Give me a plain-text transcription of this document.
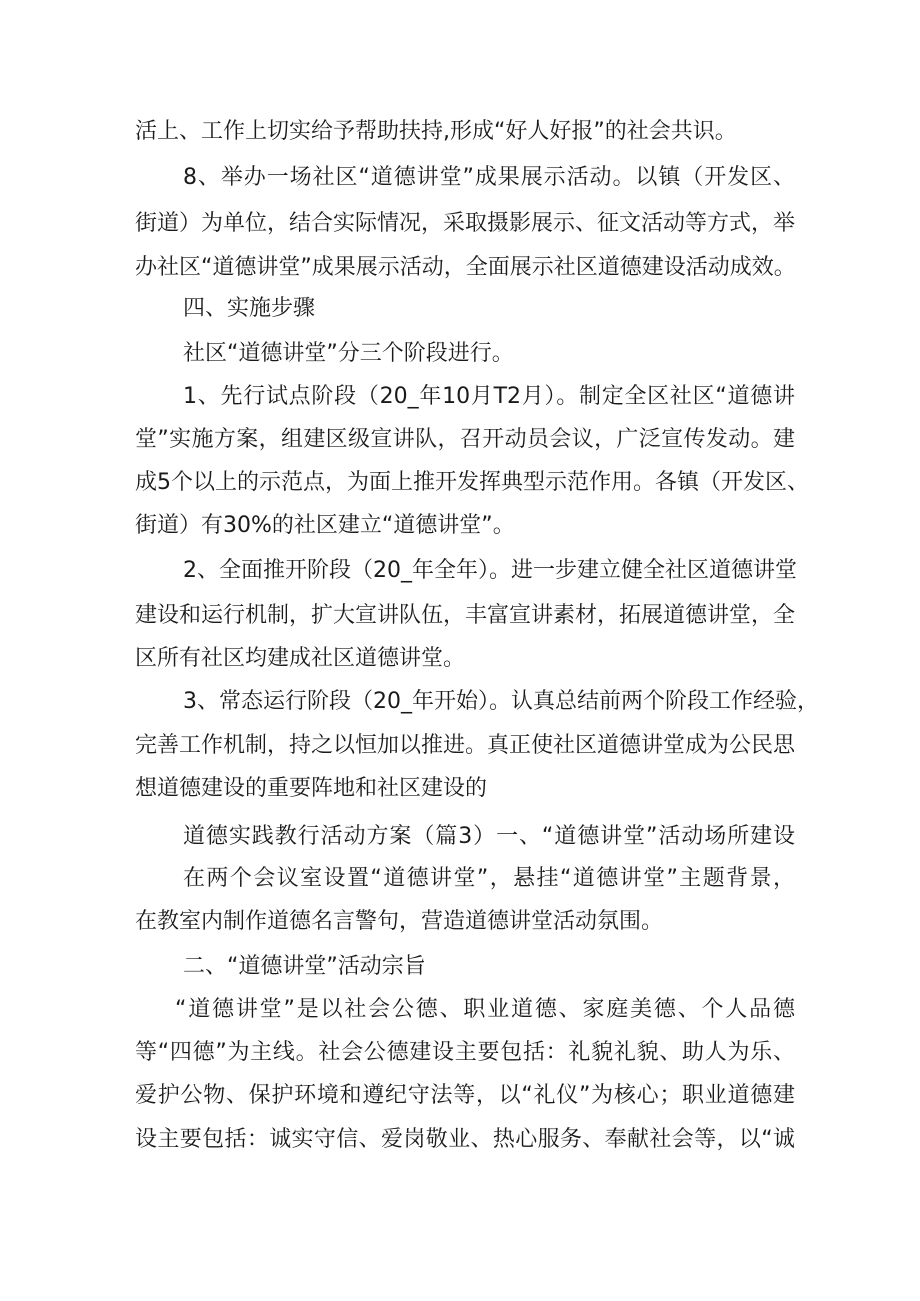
活上、工作上切实给予帮助扶持,形成“好人好报”的社会共识。
8、举办一场社区“道德讲堂”成果展示活动。以镇（开发区、
街道）为单位，结合实际情况，采取摄影展示、征文活动等方式，举
办社区“道德讲堂”成果展示活动，全面展示社区道德建设活动成效。
四、实施步骤
社区“道德讲堂”分三个阶段进行。
1、先行试点阶段（20_年10月T2月）。制定全区社区“道德讲
堂”实施方案，组建区级宣讲队，召开动员会议，广泛宣传发动。建
成5个以上的示范点，为面上推开发挥典型示范作用。各镇（开发区、
街道）有30%的社区建立“道德讲堂”。
2、全面推开阶段（20_年全年）。进一步建立健全社区道德讲堂
建设和运行机制，扩大宣讲队伍，丰富宣讲素材，拓展道德讲堂，全
区所有社区均建成社区道德讲堂。
3、常态运行阶段（20_年开始）。认真总结前两个阶段工作经验，
完善工作机制，持之以恒加以推进。真正使社区道德讲堂成为公民思
想道德建设的重要阵地和社区建设的
道德实践教行活动方案（篇3）一、“道德讲堂”活动场所建设
在两个会议室设置“道德讲堂”，悬挂“道德讲堂”主题背景，
在教室内制作道德名言警句，营造道德讲堂活动氛围。
二、“道德讲堂”活动宗旨
“道德讲堂”是以社会公德、职业道德、家庭美德、个人品德
等“四德”为主线。社会公德建设主要包括：礼貌礼貌、助人为乐、
爱护公物、保护环境和遵纪守法等，以“礼仪”为核心；职业道德建
设主要包括：诚实守信、爱岗敬业、热心服务、奉献社会等，以“诚
